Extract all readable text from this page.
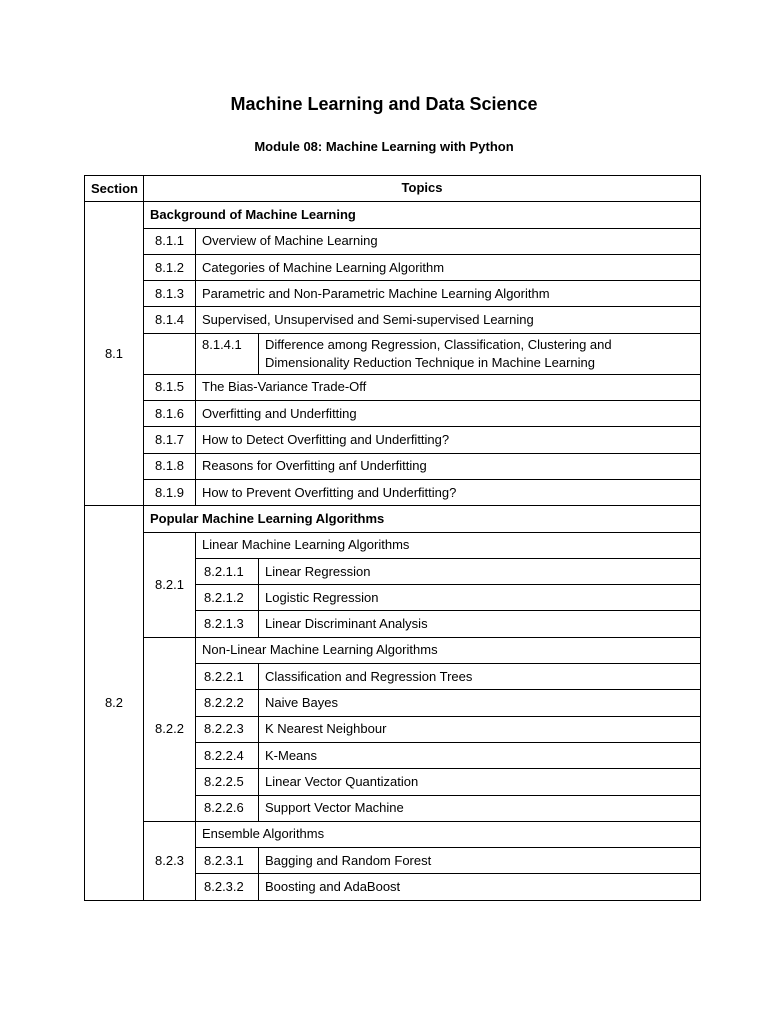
Machine Learning and Data Science
Module 08: Machine Learning with Python
Section	Topics		
8.1	Background of Machine Learning		
	8.1.1	Overview of Machine Learning	
	8.1.2	Categories of Machine Learning Algorithm	
	8.1.3	Parametric and Non-Parametric Machine Learning Algorithm	
	8.1.4	Supervised, Unsupervised and Semi-supervised Learning	
		8.1.4.1	Difference among Regression, Classification, Clustering and Dimensionality Reduction Technique in Machine Learning
	8.1.5	The Bias-Variance Trade-Off	
	8.1.6	Overfitting and Underfitting	
	8.1.7	How to Detect Overfitting and Underfitting?	
	8.1.8	Reasons for Overfitting anf Underfitting	
	8.1.9	How to Prevent Overfitting and Underfitting?	
8.2	Popular Machine Learning Algorithms		
	8.2.1	Linear Machine Learning Algorithms	
		8.2.1.1	Linear Regression
		8.2.1.2	Logistic Regression
		8.2.1.3	Linear Discriminant Analysis
	8.2.2	Non-Linear Machine Learning Algorithms	
		8.2.2.1	Classification and Regression Trees
		8.2.2.2	Naive Bayes
		8.2.2.3	K Nearest Neighbour
		8.2.2.4	K-Means
		8.2.2.5	Linear Vector Quantization
		8.2.2.6	Support Vector Machine
	8.2.3	Ensemble Algorithms	
		8.2.3.1	Bagging and Random Forest
		8.2.3.2	Boosting and AdaBoost
